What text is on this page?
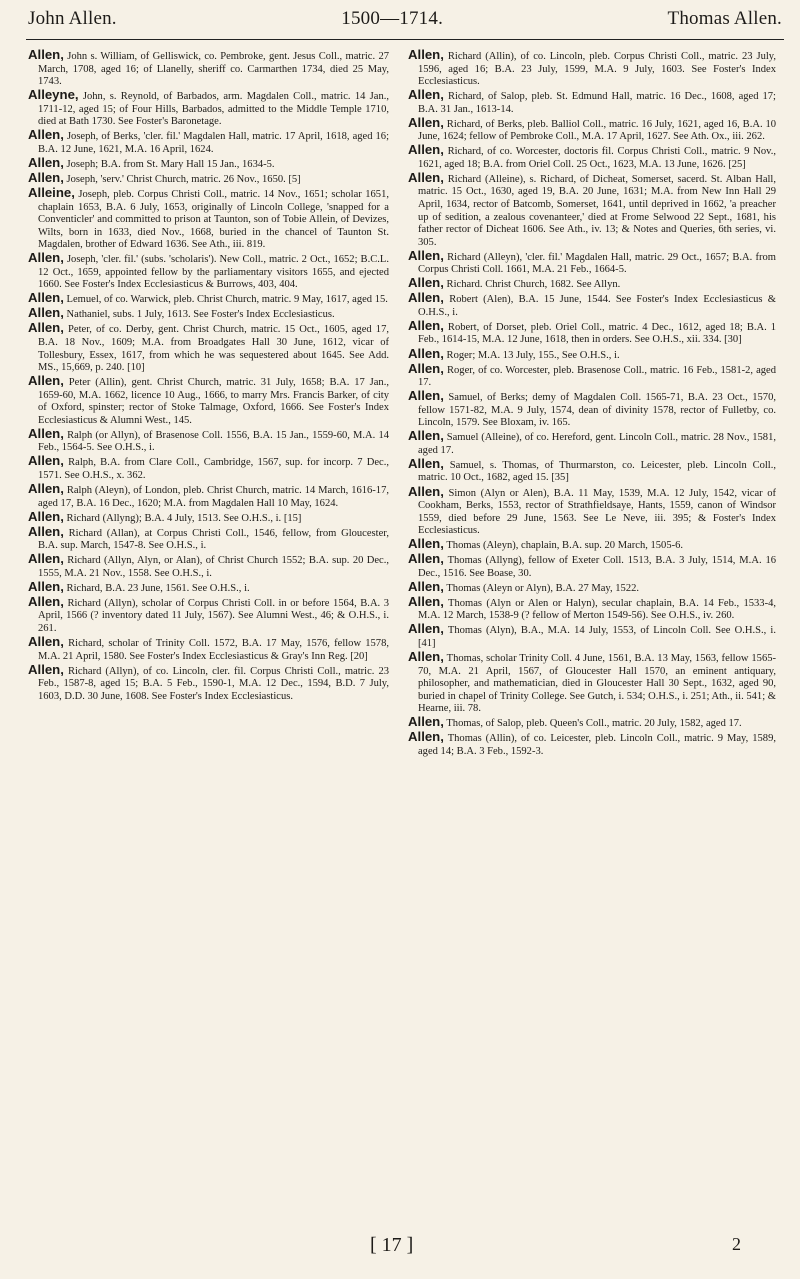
John Allen.	1500—1714.	Thomas Allen.

Allen, John s. William, of Gelliswick, co. Pembroke, gent. Jesus Coll., matric. 27 March, 1708, aged 16; of Llanelly, sheriff co. Carmarthen 1734, died 25 May, 1743.

Alleyne, John, s. Reynold, of Barbados, arm. Magdalen Coll., matric. 14 Jan., 1711-12, aged 15; of Four Hills, Barbados, admitted to the Middle Temple 1710, died at Bath 1730. See Foster's Baronetage.

Allen, Joseph, of Berks, 'cler. fil.' Magdalen Hall, matric. 17 April, 1618, aged 16; B.A. 12 June, 1621, M.A. 16 April, 1624.

Allen, Joseph; B.A. from St. Mary Hall 15 Jan., 1634-5.

Allen, Joseph, 'serv.' Christ Church, matric. 26 Nov., 1650. [5]

Alleine, Joseph, pleb. Corpus Christi Coll., matric. 14 Nov., 1651; scholar 1651, chaplain 1653, B.A. 6 July, 1653, originally of Lincoln College, 'snapped for a Conventicler' and committed to prison at Taunton, son of Tobie Allein, of Devizes, Wilts, born in 1633, died Nov., 1668, buried in the chancel of Taunton St. Magdalen, brother of Edward 1636. See Ath., iii. 819.

Allen, Joseph, 'cler. fil.' (subs. 'scholaris'). New Coll., matric. 2 Oct., 1652; B.C.L. 12 Oct., 1659, appointed fellow by the parliamentary visitors 1655, and ejected 1660. See Foster's Index Ecclesiasticus & Burrows, 403, 404.

Allen, Lemuel, of co. Warwick, pleb. Christ Church, matric. 9 May, 1617, aged 15.

Allen, Nathaniel, subs. 1 July, 1613. See Foster's Index Ecclesiasticus.

Allen, Peter, of co. Derby, gent. Christ Church, matric. 15 Oct., 1605, aged 17, B.A. 18 Nov., 1609; M.A. from Broadgates Hall 30 June, 1612, vicar of Tollesbury, Essex, 1617, from which he was sequestered about 1645. See Add. MS., 15,669, p. 240. [10]

Allen, Peter (Allin), gent. Christ Church, matric. 31 July, 1658; B.A. 17 Jan., 1659-60, M.A. 1662, licence 10 Aug., 1666, to marry Mrs. Francis Barker, of city of Oxford, spinster; rector of Stoke Talmage, Oxford, 1666. See Foster's Index Ecclesiasticus & Alumni West., 145.

Allen, Ralph (or Allyn), of Brasenose Coll. 1556, B.A. 15 Jan., 1559-60, M.A. 14 Feb., 1564-5. See O.H.S., i.

Allen, Ralph, B.A. from Clare Coll., Cambridge, 1567, sup. for incorp. 7 Dec., 1571. See O.H.S., x. 362.

Allen, Ralph (Aleyn), of London, pleb. Christ Church, matric. 14 March, 1616-17, aged 17, B.A. 16 Dec., 1620; M.A. from Magdalen Hall 10 May, 1624.

Allen, Richard (Allyng); B.A. 4 July, 1513. See O.H.S., i. [15]

Allen, Richard (Allan), at Corpus Christi Coll., 1546, fellow, from Gloucester, B.A. sup. March, 1547-8. See O.H.S., i.

Allen, Richard (Allyn, Alyn, or Alan), of Christ Church 1552; B.A. sup. 20 Dec., 1555, M.A. 21 Nov., 1558. See O.H.S., i.

Allen, Richard, B.A. 23 June, 1561. See O.H.S., i.

Allen, Richard (Allyn), scholar of Corpus Christi Coll. in or before 1564, B.A. 3 April, 1566 (? inventory dated 11 July, 1567). See Alumni West., 46; & O.H.S., i. 261.

Allen, Richard, scholar of Trinity Coll. 1572, B.A. 17 May, 1576, fellow 1578, M.A. 21 April, 1580. See Foster's Index Ecclesiasticus & Gray's Inn Reg. [20]

Allen, Richard (Allyn), of co. Lincoln, cler. fil. Corpus Christi Coll., matric. 23 Feb., 1587-8, aged 15; B.A. 5 Feb., 1590-1, M.A. 12 Dec., 1594, B.D. 7 July, 1603, D.D. 30 June, 1608. See Foster's Index Ecclesiasticus.

Allen, Richard (Allin), of co. Lincoln, pleb. Corpus Christi Coll., matric. 23 July, 1596, aged 16; B.A. 23 July, 1599, M.A. 9 July, 1603. See Foster's Index Ecclesiasticus.

Allen, Richard, of Salop, pleb. St. Edmund Hall, matric. 16 Dec., 1608, aged 17; B.A. 31 Jan., 1613-14.

Allen, Richard, of Berks, pleb. Balliol Coll., matric. 16 July, 1621, aged 16, B.A. 10 June, 1624; fellow of Pembroke Coll., M.A. 17 April, 1627. See Ath. Ox., iii. 262.

Allen, Richard, of co. Worcester, doctoris fil. Corpus Christi Coll., matric. 9 Nov., 1621, aged 18; B.A. from Oriel Coll. 25 Oct., 1623, M.A. 13 June, 1626. [25]

Allen, Richard (Alleine), s. Richard, of Dicheat, Somerset, sacerd. St. Alban Hall, matric. 15 Oct., 1630, aged 19, B.A. 20 June, 1631; M.A. from New Inn Hall 29 April, 1634, rector of Batcomb, Somerset, 1641, until deprived in 1662, 'a preacher up of sedition, a zealous covenanteer,' died at Frome Selwood 22 Sept., 1681, his father rector of Dicheat 1606. See Ath., iv. 13; & Notes and Queries, 6th series, vi. 305.

Allen, Richard (Alleyn), 'cler. fil.' Magdalen Hall, matric. 29 Oct., 1657; B.A. from Corpus Christi Coll. 1661, M.A. 21 Feb., 1664-5.

Allen, Richard. Christ Church, 1682. See Allyn.

Allen, Robert (Alen), B.A. 15 June, 1544. See Foster's Index Ecclesiasticus & O.H.S., i.

Allen, Robert, of Dorset, pleb. Oriel Coll., matric. 4 Dec., 1612, aged 18; B.A. 1 Feb., 1614-15, M.A. 12 June, 1618, then in orders. See O.H.S., xii. 334. [30]

Allen, Roger; M.A. 13 July, 155., See O.H.S., i.

Allen, Roger, of co. Worcester, pleb. Brasenose Coll., matric. 16 Feb., 1581-2, aged 17.

Allen, Samuel, of Berks; demy of Magdalen Coll. 1565-71, B.A. 23 Oct., 1570, fellow 1571-82, M.A. 9 July, 1574, dean of divinity 1578, rector of Fulletby, co. Lincoln, 1579. See Bloxam, iv. 165.

Allen, Samuel (Alleine), of co. Hereford, gent. Lincoln Coll., matric. 28 Nov., 1581, aged 17.

Allen, Samuel, s. Thomas, of Thurmarston, co. Leicester, pleb. Lincoln Coll., matric. 10 Oct., 1682, aged 15. [35]

Allen, Simon (Alyn or Alen), B.A. 11 May, 1539, M.A. 12 July, 1542, vicar of Cookham, Berks, 1553, rector of Strathfieldsaye, Hants, 1559, canon of Windsor 1559, died before 29 June, 1563. See Le Neve, iii. 395; & Foster's Index Ecclesiasticus.

Allen, Thomas (Aleyn), chaplain, B.A. sup. 20 March, 1505-6.

Allen, Thomas (Allyng), fellow of Exeter Coll. 1513, B.A. 3 July, 1514, M.A. 16 Dec., 1516. See Boase, 30.

Allen, Thomas (Aleyn or Alyn), B.A. 27 May, 1522.

Allen, Thomas (Alyn or Alen or Halyn), secular chaplain, B.A. 14 Feb., 1533-4, M.A. 12 March, 1538-9 (? fellow of Merton 1549-56). See O.H.S., iv. 260.

Allen, Thomas (Alyn), B.A., M.A. 14 July, 1553, of Lincoln Coll. See O.H.S., i. [41]

Allen, Thomas, scholar Trinity Coll. 4 June, 1561, B.A. 13 May, 1563, fellow 1565-70, M.A. 21 April, 1567, of Gloucester Hall 1570, an eminent antiquary, philosopher, and mathematician, died in Gloucester Hall 30 Sept., 1632, aged 90, buried in chapel of Trinity College. See Gutch, i. 534; O.H.S., i. 251; Ath., ii. 541; & Hearne, iii. 78.

Allen, Thomas, of Salop, pleb. Queen's Coll., matric. 20 July, 1582, aged 17.

Allen, Thomas (Allin), of co. Leicester, pleb. Lincoln Coll., matric. 9 May, 1589, aged 14; B.A. 3 Feb., 1592-3.

[ 17 ]	2
